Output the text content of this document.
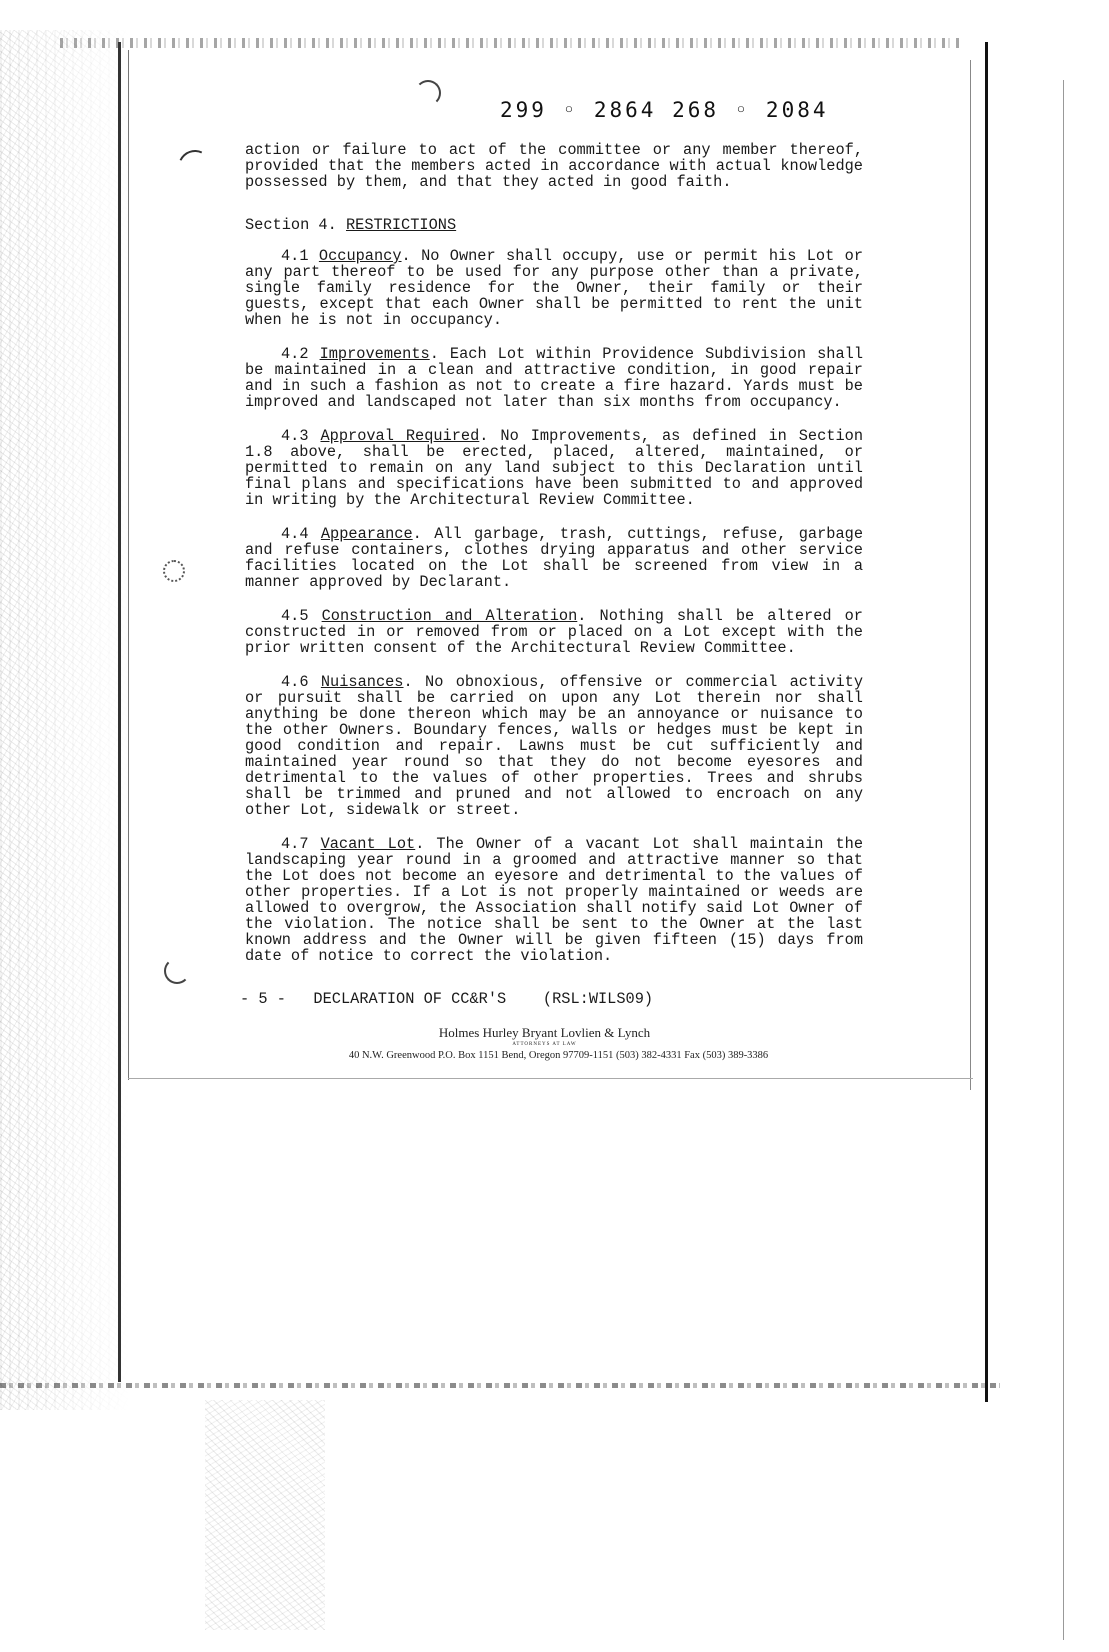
299 ◦ 2864 268 ◦ 2084
action or failure to act of the committee or any member thereof, provided that the members acted in accordance with actual knowledge possessed by them, and that they acted in good faith.
Section 4. RESTRICTIONS
4.1 Occupancy. No Owner shall occupy, use or permit his Lot or any part thereof to be used for any purpose other than a private, single family residence for the Owner, their family or their guests, except that each Owner shall be permitted to rent the unit when he is not in occupancy.
4.2 Improvements. Each Lot within Providence Subdivision shall be maintained in a clean and attractive condition, in good repair and in such a fashion as not to create a fire hazard. Yards must be improved and landscaped not later than six months from occupancy.
4.3 Approval Required. No Improvements, as defined in Section 1.8 above, shall be erected, placed, altered, maintained, or permitted to remain on any land subject to this Declaration until final plans and specifications have been submitted to and approved in writing by the Architectural Review Committee.
4.4 Appearance. All garbage, trash, cuttings, refuse, garbage and refuse containers, clothes drying apparatus and other service facilities located on the Lot shall be screened from view in a manner approved by Declarant.
4.5 Construction and Alteration. Nothing shall be altered or constructed in or removed from or placed on a Lot except with the prior written consent of the Architectural Review Committee.
4.6 Nuisances. No obnoxious, offensive or commercial activity or pursuit shall be carried on upon any Lot therein nor shall anything be done thereon which may be an annoyance or nuisance to the other Owners. Boundary fences, walls or hedges must be kept in good condition and repair. Lawns must be cut sufficiently and maintained year round so that they do not become eyesores and detrimental to the values of other properties. Trees and shrubs shall be trimmed and pruned and not allowed to encroach on any other Lot, sidewalk or street.
4.7 Vacant Lot. The Owner of a vacant Lot shall maintain the landscaping year round in a groomed and attractive manner so that the Lot does not become an eyesore and detrimental to the values of other properties. If a Lot is not properly maintained or weeds are allowed to overgrow, the Association shall notify said Lot Owner of the violation. The notice shall be sent to the Owner at the last known address and the Owner will be given fifteen (15) days from date of notice to correct the violation.
- 5 -   DECLARATION OF CC&R'S    (RSL:WILS09)
Holmes Hurley Bryant Lovlien & Lynch
ATTORNEYS AT LAW
40 N.W. Greenwood P.O. Box 1151 Bend, Oregon 97709-1151 (503) 382-4331 Fax (503) 389-3386
